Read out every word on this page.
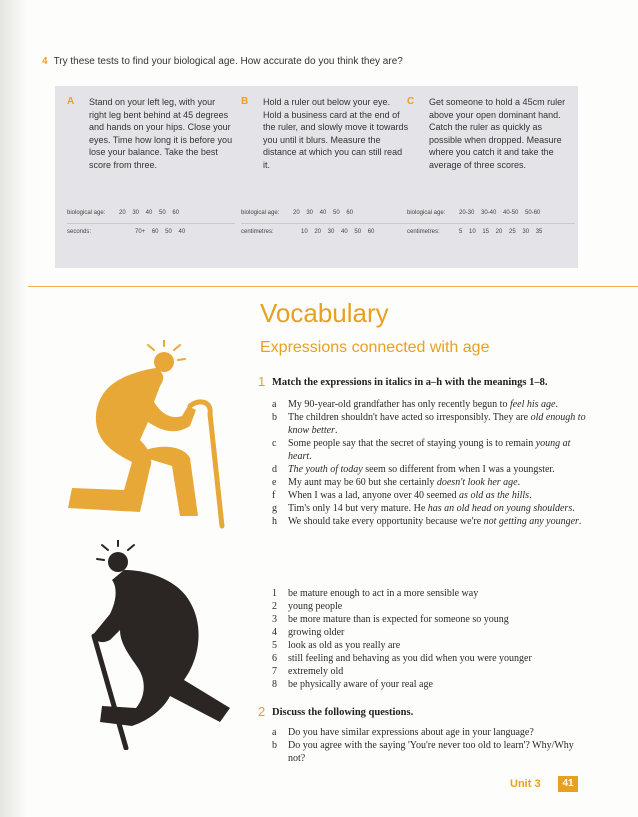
4 Try these tests to find your biological age. How accurate do you think they are?
A	Stand on your left leg, with your right leg bent behind at 45 degrees and hands on your hips. Close your eyes. Time how long it is before you lose your balance. Take the best score from three.
biological age: 20 30 40 50 60
seconds:	70+ 60 50 40
B	Hold a ruler out below your eye. Hold a business card at the end of the ruler, and slowly move it towards you until it blurs. Measure the distance at which you can still read it.
biological age: 20 30 40 50 60
centimetres:	10 20 30 40 50 60
C	Get someone to hold a 45cm ruler above your open dominant hand. Catch the ruler as quickly as possible when dropped. Measure where you catch it and take the average of three scores.
biological age: 20-30 30-40 40-50 50-60
centimetres:	5 10 15 20 25 30 35
Vocabulary
Expressions connected with age
1 Match the expressions in italics in a–h with the meanings 1–8.
a My 90-year-old grandfather has only recently begun to feel his age.
b The children shouldn't have acted so irresponsibly. They are old enough to know better.
c Some people say that the secret of staying young is to remain young at heart.
d The youth of today seem so different from when I was a youngster.
e My aunt may be 60 but she certainly doesn't look her age.
f When I was a lad, anyone over 40 seemed as old as the hills.
g Tim's only 14 but very mature. He has an old head on young shoulders.
h We should take every opportunity because we're not getting any younger.
1 be mature enough to act in a more sensible way
2 young people
3 be more mature than is expected for someone so young
4 growing older
5 look as old as you really are
6 still feeling and behaving as you did when you were younger
7 extremely old
8 be physically aware of your real age
2 Discuss the following questions.
a Do you have similar expressions about age in your language?
b Do you agree with the saying 'You're never too old to learn'? Why/Why not?
Unit 3	41
